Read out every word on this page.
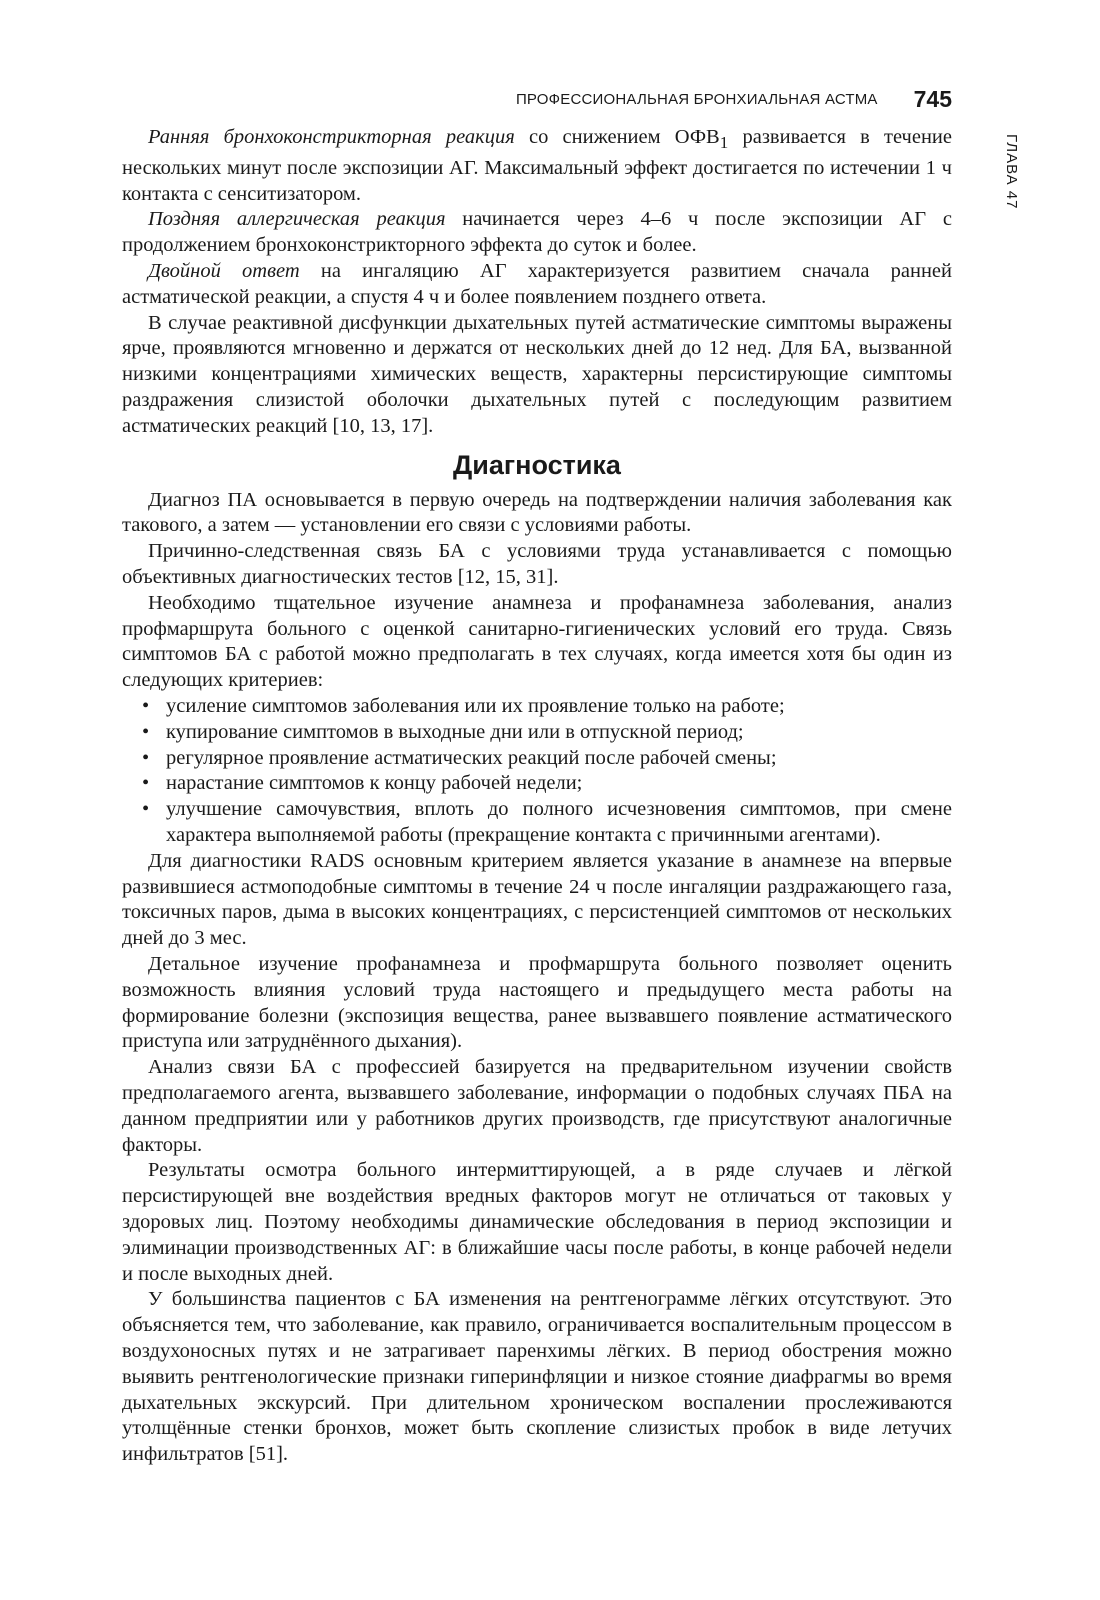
ПРОФЕССИОНАЛЬНАЯ БРОНХИАЛЬНАЯ АСТМА 745
ГЛАВА 47

Ранняя бронхоконстрикторная реакция со снижением $ОФВ_1$ развивается в течение нескольких минут после экспозиции АГ. Максимальный эффект достигается по истечении 1 ч контакта с сенситизатором.

Поздняя аллергическая реакция начинается через 4–6 ч после экспозиции АГ с продолжением бронхоконстрикторного эффекта до суток и более.

Двойной ответ на ингаляцию АГ характеризуется развитием сначала ранней астматической реакции, а спустя 4 ч и более появлением позднего ответа.

В случае реактивной дисфункции дыхательных путей астматические симптомы выражены ярче, проявляются мгновенно и держатся от нескольких дней до 12 нед. Для БА, вызванной низкими концентрациями химических веществ, характерны персистирующие симптомы раздражения слизистой оболочки дыхательных путей с последующим развитием астматических реакций [10, 13, 17].

Диагностика

Диагноз ПА основывается в первую очередь на подтверждении наличия заболевания как такового, а затем — установлении его связи с условиями работы.

Причинно-следственная связь БА с условиями труда устанавливается с помощью объективных диагностических тестов [12, 15, 31].

Необходимо тщательное изучение анамнеза и профанамнеза заболевания, анализ профмаршрута больного с оценкой санитарно-гигиенических условий его труда. Связь симптомов БА с работой можно предполагать в тех случаях, когда имеется хотя бы один из следующих критериев:

• усиление симптомов заболевания или их проявление только на работе;
• купирование симптомов в выходные дни или в отпускной период;
• регулярное проявление астматических реакций после рабочей смены;
• нарастание симптомов к концу рабочей недели;
• улучшение самочувствия, вплоть до полного исчезновения симптомов, при смене характера выполняемой работы (прекращение контакта с причинными агентами).

Для диагностики RADS основным критерием является указание в анамнезе на впервые развившиеся астмоподобные симптомы в течение 24 ч после ингаляции раздражающего газа, токсичных паров, дыма в высоких концентрациях, с персистенцией симптомов от нескольких дней до 3 мес.

Детальное изучение профанамнеза и профмаршрута больного позволяет оценить возможность влияния условий труда настоящего и предыдущего места работы на формирование болезни (экспозиция вещества, ранее вызвавшего появление астматического приступа или затруднённого дыхания).

Анализ связи БА с профессией базируется на предварительном изучении свойств предполагаемого агента, вызвавшего заболевание, информации о подобных случаях ПБА на данном предприятии или у работников других производств, где присутствуют аналогичные факторы.

Результаты осмотра больного интермиттирующей, а в ряде случаев и лёгкой персистирующей вне воздействия вредных факторов могут не отличаться от таковых у здоровых лиц. Поэтому необходимы динамические обследования в период экспозиции и элиминации производственных АГ: в ближайшие часы после работы, в конце рабочей недели и после выходных дней.

У большинства пациентов с БА изменения на рентгенограмме лёгких отсутствуют. Это объясняется тем, что заболевание, как правило, ограничивается воспалительным процессом в воздухоносных путях и не затрагивает паренхимы лёгких. В период обострения можно выявить рентгенологические признаки гиперинфляции и низкое стояние диафрагмы во время дыхательных экскурсий. При длительном хроническом воспалении прослеживаются утолщённые стенки бронхов, может быть скопление слизистых пробок в виде летучих инфильтратов [51].
